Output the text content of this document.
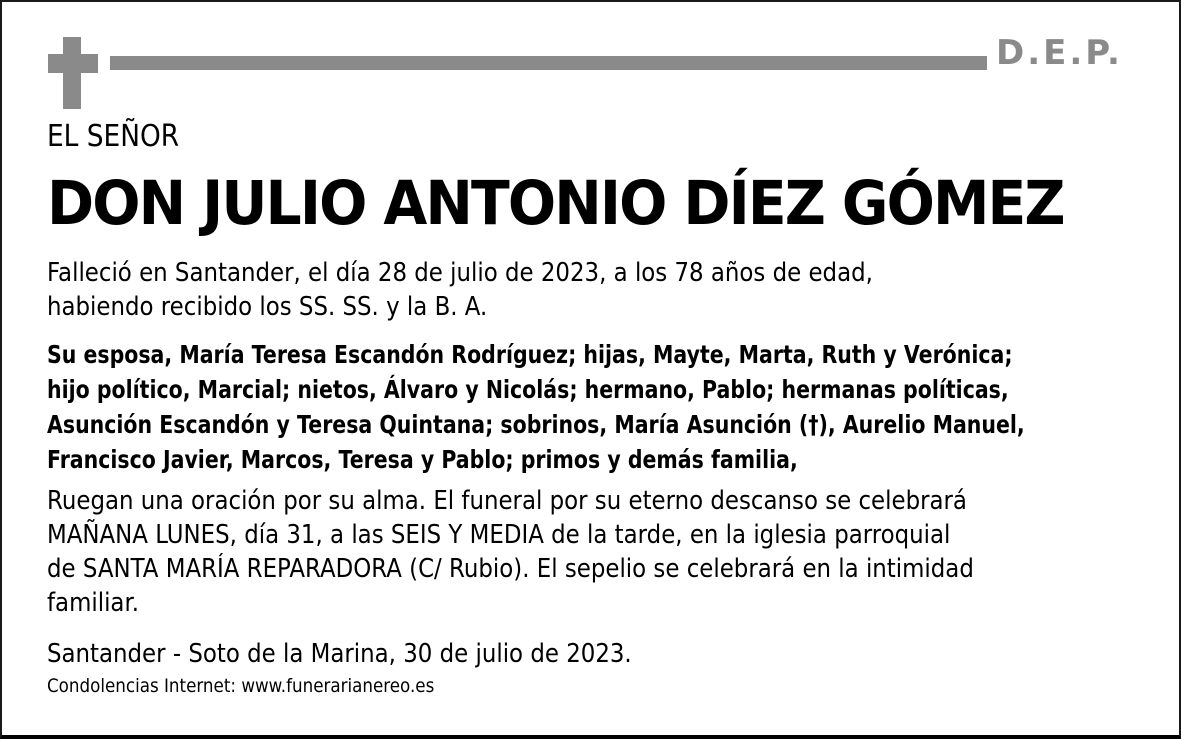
D.E.P.
EL SEÑOR
DON JULIO ANTONIO DÍEZ GÓMEZ
Falleció en Santander, el día 28 de julio de 2023, a los 78 años de edad,
habiendo recibido los SS. SS. y la B. A.
Su esposa, María Teresa Escandón Rodríguez; hijas, Mayte, Marta, Ruth y Verónica;
hijo político, Marcial; nietos, Álvaro y Nicolás; hermano, Pablo; hermanas políticas,
Asunción Escandón y Teresa Quintana; sobrinos, María Asunción (†), Aurelio Manuel,
Francisco Javier, Marcos, Teresa y Pablo; primos y demás familia,
Ruegan una oración por su alma. El funeral por su eterno descanso se celebrará
MAÑANA LUNES, día 31, a las SEIS Y MEDIA de la tarde, en la iglesia parroquial
de SANTA MARÍA REPARADORA (C/ Rubio). El sepelio se celebrará en la intimidad
familiar.
Santander - Soto de la Marina, 30 de julio de 2023.
Condolencias Internet: www.funerarianereo.es
